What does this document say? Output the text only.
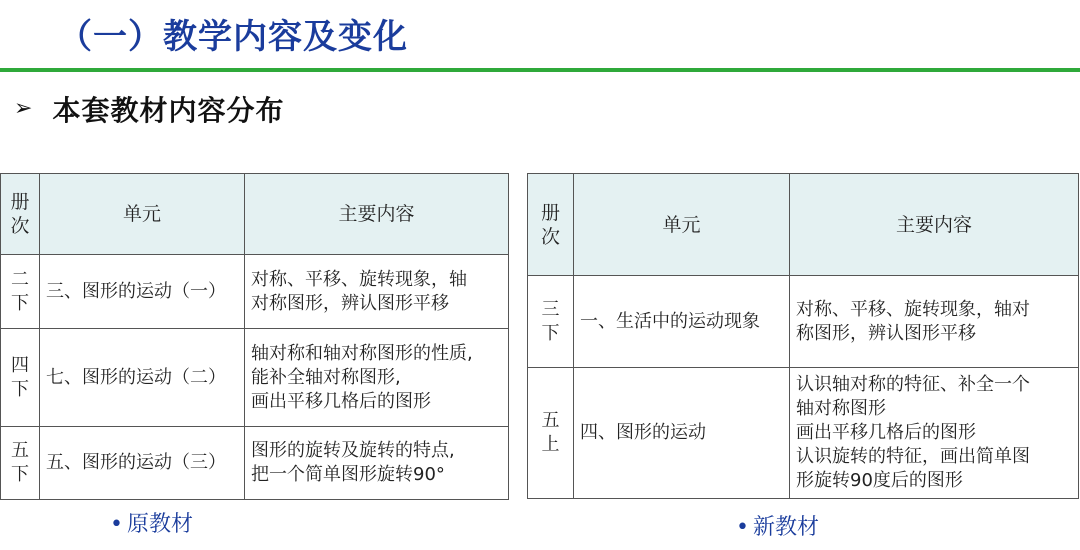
（一）教学内容及变化
➢ 本套教材内容分布
册次	单元	主要内容
二下	三、图形的运动（一）	对称、平移、旋转现象，轴
对称图形，辨认图形平移
四下	七、图形的运动（二）	轴对称和轴对称图形的性质,
能补全轴对称图形,
画出平移几格后的图形
五下	五、图形的运动（三）	图形的旋转及旋转的特点,
把一个简单图形旋转90°
册次	单元	主要内容
三下	一、生活中的运动现象	对称、平移、旋转现象，轴对
称图形，辨认图形平移
五上	四、图形的运动	认识轴对称的特征、补全一个
轴对称图形
画出平移几格后的图形
认识旋转的特征，画出简单图
形旋转90度后的图形
• 原教材	• 新教材
